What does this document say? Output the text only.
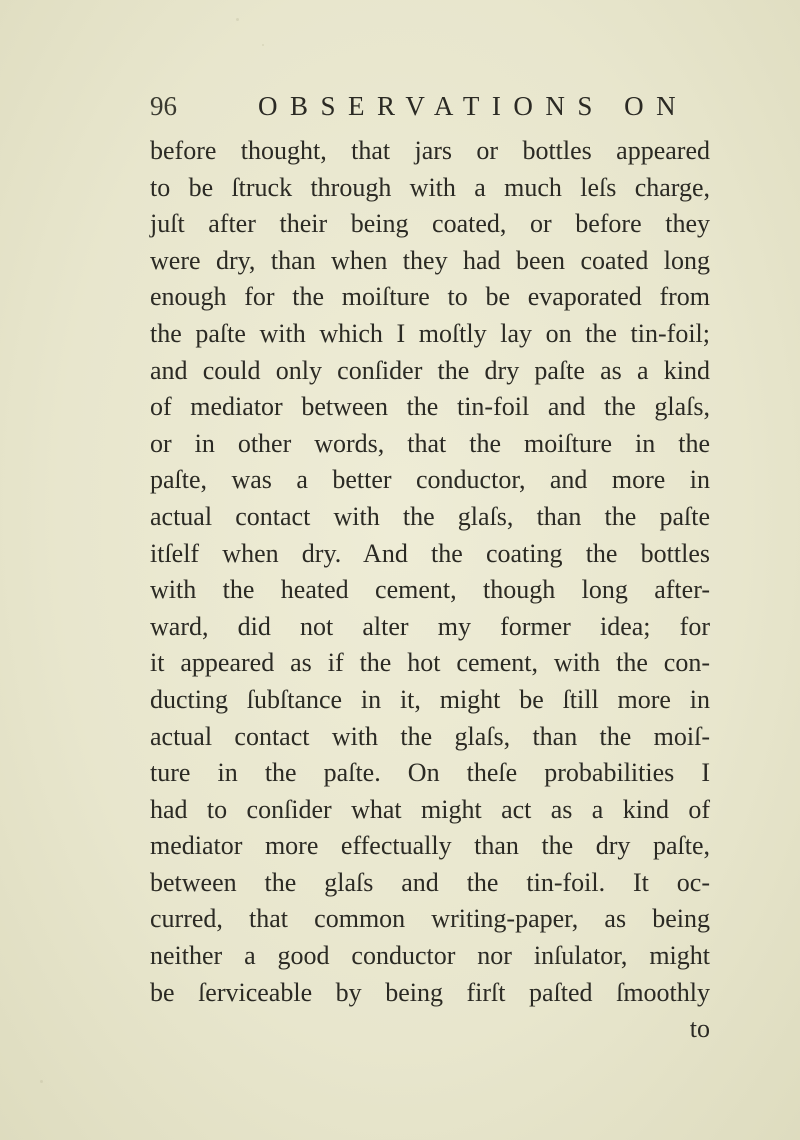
96	OBSERVATIONS ON
before thought, that jars or bottles appeared
to be ſtruck through with a much leſs charge,
juſt after their being coated, or before they
were dry, than when they had been coated long
enough for the moiſture to be evaporated from
the paſte with which I moſtly lay on the tin-foil;
and could only conſider the dry paſte as a kind
of mediator between the tin-foil and the glaſs,
or in other words, that the moiſture in the
paſte, was a better conductor, and more in
actual contact with the glaſs, than the paſte
itſelf when dry. And the coating the bottles
with the heated cement, though long after-
ward, did not alter my former idea; for
it appeared as if the hot cement, with the con-
ducting ſubſtance in it, might be ſtill more in
actual contact with the glaſs, than the moiſ-
ture in the paſte. On theſe probabilities I
had to conſider what might act as a kind of
mediator more effectually than the dry paſte,
between the glaſs and the tin-foil. It oc-
curred, that common writing-paper, as being
neither a good conductor nor inſulator, might
be ſerviceable by being firſt paſted ſmoothly
to
